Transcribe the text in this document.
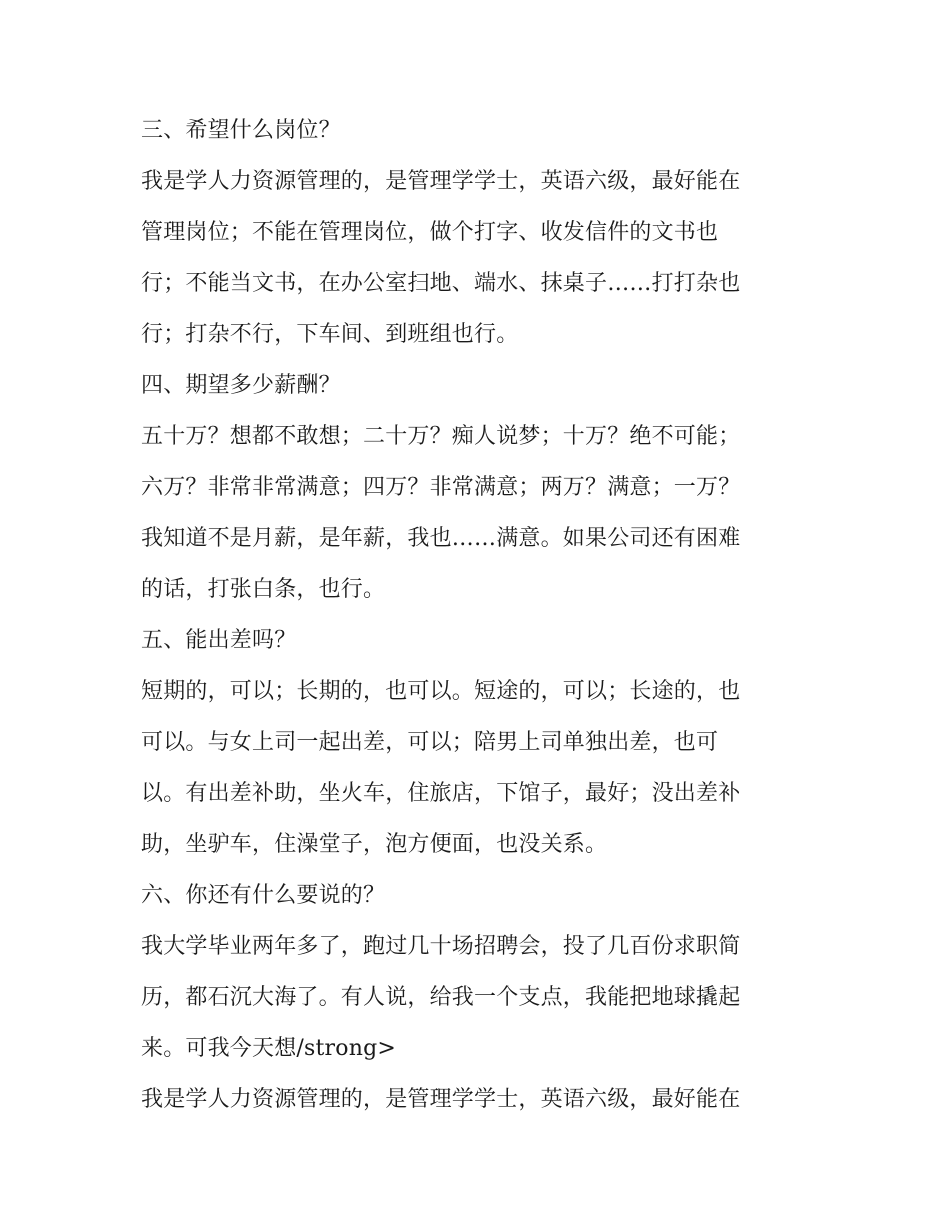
三、希望什么岗位？
我是学人力资源管理的，是管理学学士，英语六级，最好能在
管理岗位；不能在管理岗位，做个打字、收发信件的文书也
行；不能当文书，在办公室扫地、端水、抹桌子……打打杂也
行；打杂不行，下车间、到班组也行。
四、期望多少薪酬？
五十万？想都不敢想；二十万？痴人说梦；十万？绝不可能；
六万？非常非常满意；四万？非常满意；两万？满意；一万？
我知道不是月薪，是年薪，我也……满意。如果公司还有困难
的话，打张白条，也行。
五、能出差吗？
短期的，可以；长期的，也可以。短途的，可以；长途的，也
可以。与女上司一起出差，可以；陪男上司单独出差，也可
以。有出差补助，坐火车，住旅店，下馆子，最好；没出差补
助，坐驴车，住澡堂子，泡方便面，也没关系。
六、你还有什么要说的？
我大学毕业两年多了，跑过几十场招聘会，投了几百份求职简
历，都石沉大海了。有人说，给我一个支点，我能把地球撬起
来。可我今天想/strong>
我是学人力资源管理的，是管理学学士，英语六级，最好能在
